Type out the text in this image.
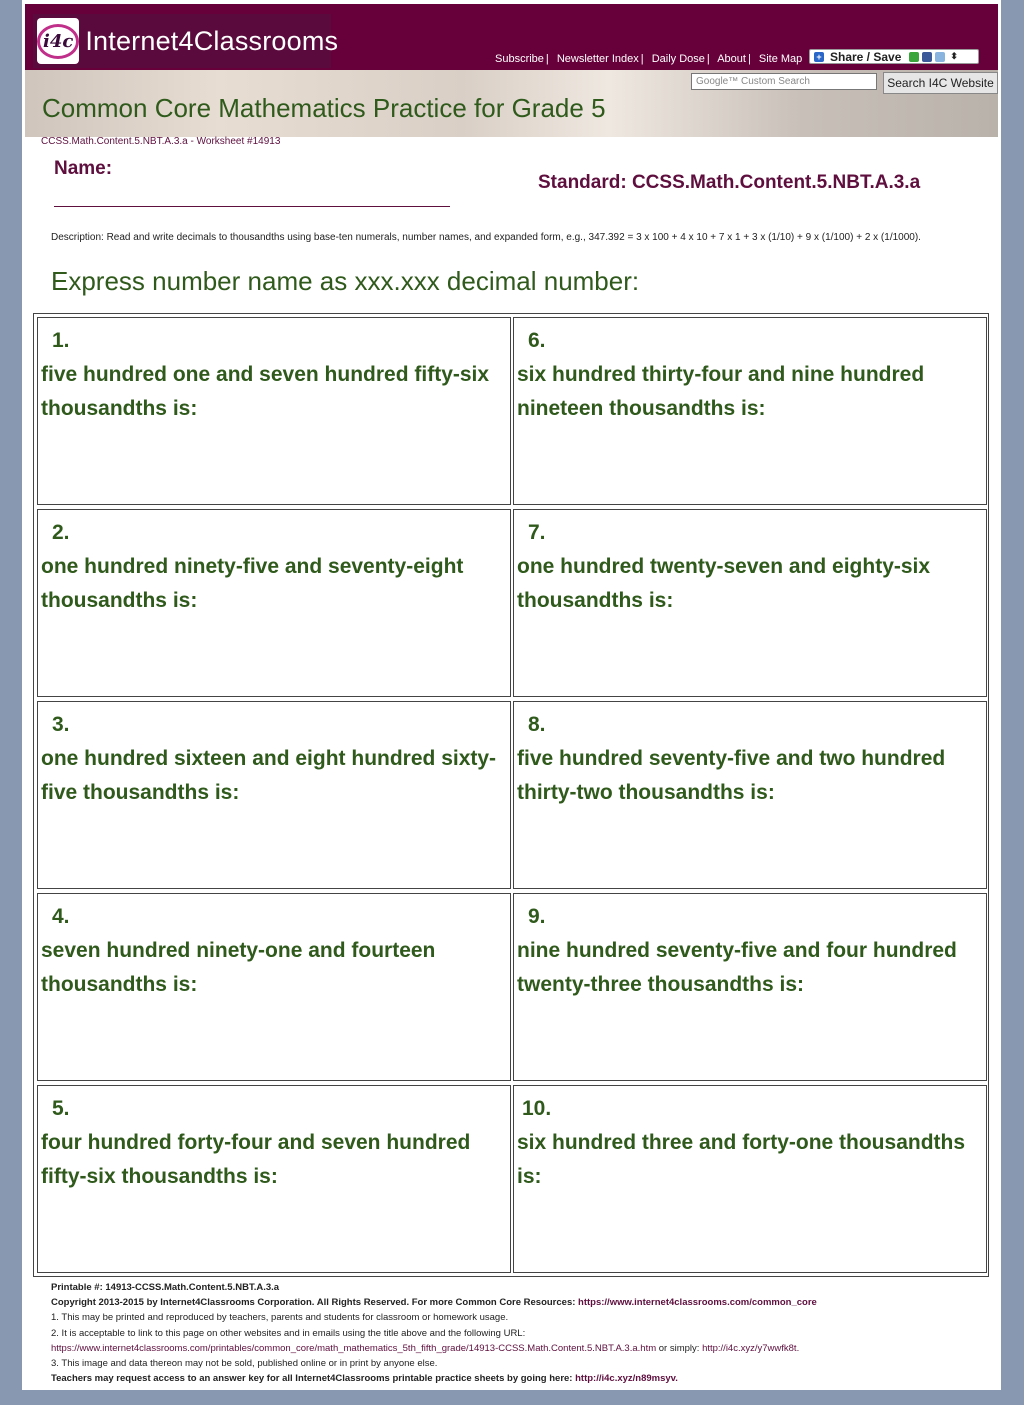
i4c Internet4Classrooms
Subscribe | Newsletter Index | Daily Dose | About | Site Map + Share / Save	⬍
Google™ Custom Search	Search I4C Website
Common Core Mathematics Practice for Grade 5
CCSS.Math.Content.5.NBT.A.3.a - Worksheet #14913
Name:
Standard: CCSS.Math.Content.5.NBT.A.3.a
Description: Read and write decimals to thousandths using base-ten numerals, number names, and expanded form, e.g., 347.392 = 3 x 100 + 4 x 10 + 7 x 1 + 3 x (1/10) + 9 x (1/100) + 2 x (1/1000).
Express number name as xxx.xxx decimal number:
1.
five hundred one and seven hundred fifty-six thousandths is:
6.
six hundred thirty-four and nine hundred nineteen thousandths is:
2.
one hundred ninety-five and seventy-eight thousandths is:
7.
one hundred twenty-seven and eighty-six thousandths is:
3.
one hundred sixteen and eight hundred sixty-five thousandths is:
8.
five hundred seventy-five and two hundred thirty-two thousandths is:
4.
seven hundred ninety-one and fourteen thousandths is:
9.
nine hundred seventy-five and four hundred twenty-three thousandths is:
5.
four hundred forty-four and seven hundred fifty-six thousandths is:
10.
six hundred three and forty-one thousandths is:
Printable #: 14913-CCSS.Math.Content.5.NBT.A.3.a
Copyright 2013-2015 by Internet4Classrooms Corporation. All Rights Reserved. For more Common Core Resources: https://www.internet4classrooms.com/common_core
1. This may be printed and reproduced by teachers, parents and students for classroom or homework usage.
2. It is acceptable to link to this page on other websites and in emails using the title above and the following URL:
https://www.internet4classrooms.com/printables/common_core/math_mathematics_5th_fifth_grade/14913-CCSS.Math.Content.5.NBT.A.3.a.htm or simply: http://i4c.xyz/y7wwfk8t.
3. This image and data thereon may not be sold, published online or in print by anyone else.
Teachers may request access to an answer key for all Internet4Classrooms printable practice sheets by going here: http://i4c.xyz/n89msyv.
